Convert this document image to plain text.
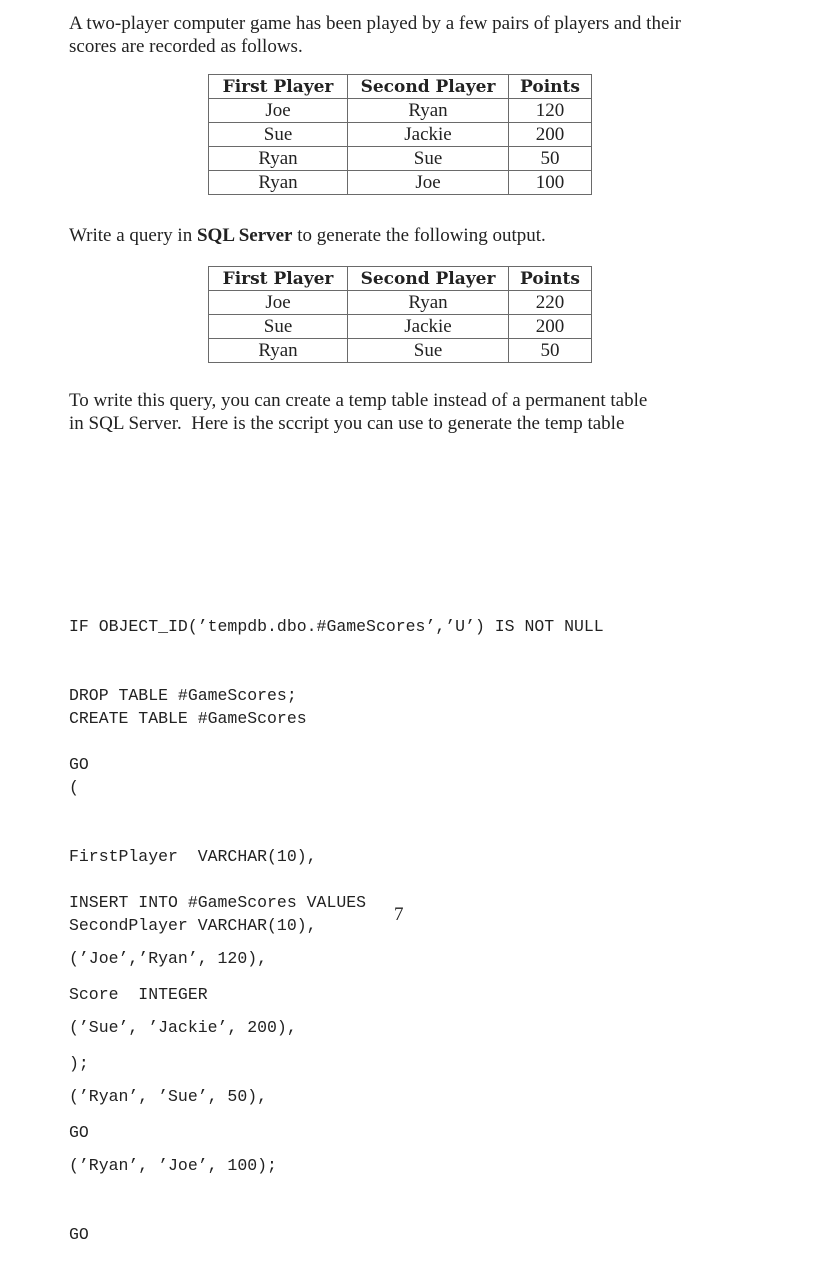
A two-player computer game has been played by a few pairs of players and their
scores are recorded as follows.
First Player	Second Player	Points
Joe	Ryan	120
Sue	Jackie	200
Ryan	Sue	50
Ryan	Joe	100
Write a query in SQL Server to generate the following output.
First Player	Second Player	Points
Joe	Ryan	220
Sue	Jackie	200
Ryan	Sue	50
To write this query, you can create a temp table instead of a permanent table
in SQL Server.  Here is the sccript you can use to generate the temp table

IF OBJECT_ID(’tempdb.dbo.#GameScores’,’U’) IS NOT NULL

DROP TABLE #GameScores;

GO

CREATE TABLE #GameScores

(

FirstPlayer  VARCHAR(10),

SecondPlayer VARCHAR(10),

Score  INTEGER

);

GO

INSERT INTO #GameScores VALUES

(’Joe’,’Ryan’, 120),

(’Sue’, ’Jackie’, 200),

(’Ryan’, ’Sue’, 50),

(’Ryan’, ’Joe’, 100);

GO

7
